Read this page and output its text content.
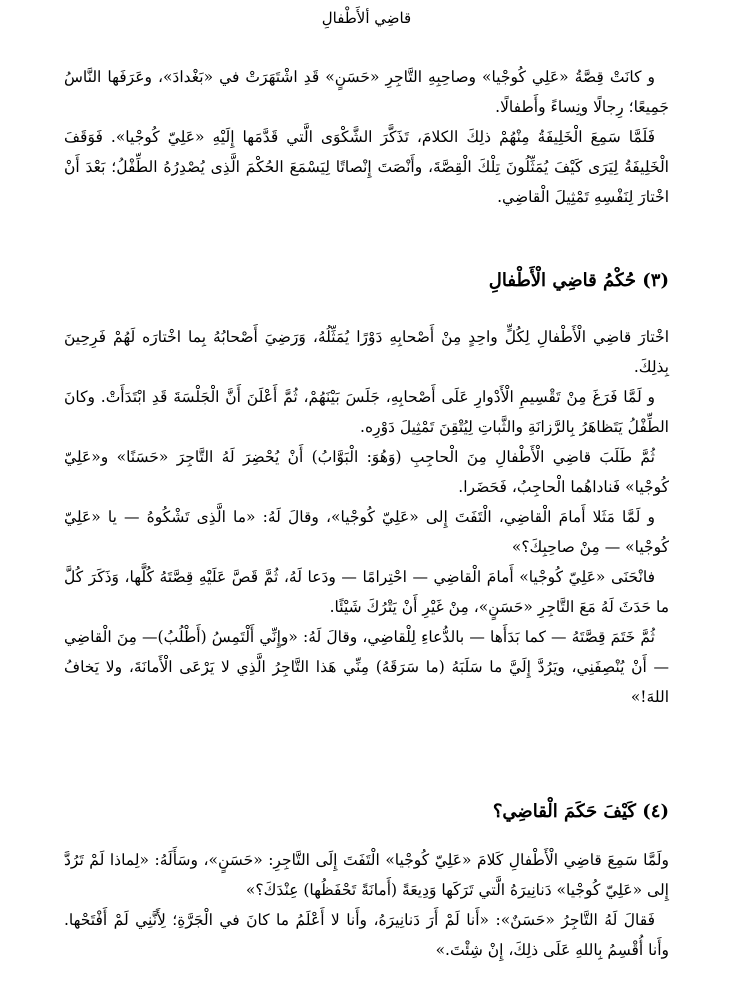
قاضِي ألأَطْفالِ

و كانَتْ قِصَّةُ «عَلِي كُوجْيا» وصاحِبِهِ التَّاجِرِ «حَسَنٍ» قَدِ اشْتَهَرَتْ في «بَغْدادَ»، وعَرَفَها النَّاسُ جَمِيعًا؛ رِجالًا ونِساءً وأَطفالًا.

فَلَمَّا سَمِعَ الْخَلِيفَةُ مِنْهُمْ ذلِكَ الكلامَ، تَذَكَّرَ الشَّكْوَى الَّتي قَدَّمَها إِلَيْهِ «عَلِيّ كُوجْيا». فَوَقَفَ الْخَلِيفَةُ لِيَرَى كَيْفَ يُمَثِّلُونَ تِلْكَ الْقِصَّةَ، وأَنْصَتَ إِنْصاتًا لِيَسْمَعَ الحُكْمَ الَّذِى يُصْدِرُهُ الطِّفْلُ؛ بَعْدَ أَنْ اخْتارَ لِنَفْسِهِ تَمْثِيلَ الْقاضِي.

(٣) حُكْمُ قاضِي الْأَطْفالِ

اخْتارَ قاضِي الْأَطْفالِ لِكُلٍّ واحِدٍ مِنْ أَصْحابِهِ دَوْرًا يُمَثِّلُهُ، وَرَضِيَ أَصْحابُهُ بِما اخْتارَه لَهُمْ فَرِحِينَ بِذلِكَ.

و لَمَّا فَرَغَ مِنْ تَقْسِيمِ الْأَدْوارِ عَلَى أَصْحابِهِ، جَلَسَ بَيْنَهُمْ، ثُمَّ أَعْلَنَ أَنَّ الْجَلْسَةَ قَدِ ابْتَدَأَتْ. وكانَ الطِّفْلُ يَتَظاهَرُ بِالرَّزانَةِ والثَّباتِ لِيُتْقِنَ تَمْثِيلَ دَوْرِه.

ثُمَّ طَلَبَ قاضِي الْأَطْفالِ مِنَ الْحاجِبِ (وَهُوَ: الْبَوَّابُ) أَنْ يُحْضِرَ لَهُ التَّاجِرَ «حَسَنًا» و«عَلِيّ كُوجْيا» فَناداهُما الْحاجِبُ، فَحَضَرا.

و لَمَّا مَثَلا أَمامَ الْقاضِي، الْتَفَتَ إِلى «عَلِيّ كُوجْيا»، وقالَ لَهُ: «ما الَّذِى تَشْكُوهُ — يا «عَلِيّ كُوجْيا» — مِنْ صاحِبِكَ؟»

فانْحَنَى «عَلِيّ كُوجْيا» أَمامَ الْقاضِي — احْتِرامًا — ودَعا لَهُ، ثُمَّ قَصَّ عَلَيْهِ قِصَّتَهُ كُلَّها، وَذَكَرَ كُلَّ ما حَدَثَ لَهُ مَعَ التَّاجِرِ «حَسَنٍ»، مِنْ غَيْرِ أَنْ يَتْرُكَ شَيْئًا.

ثُمَّ خَتَمَ قِصَّتَهُ — كما بَدَأَها — بالدُّعاءِ لِلْقاضِي، وقالَ لَهُ: «وإِنِّي أَلْتَمِسُ (أَطْلُبُ)— مِنَ الْقاضِي — أَنْ يُنْصِفَنِي، ويَرُدَّ إِلَيَّ ما سَلَبَهُ (ما سَرَقَهُ) مِنِّي هَذا التَّاجِرُ الَّذِي لا يَرْعَى الْأَمانَةَ، ولا يَخافُ اللهَ!»

(٤) كَيْفَ حَكَمَ الْقاضِي؟

ولَمَّا سَمِعَ قاضِي الْأَطْفالِ كَلامَ «عَلِيّ كُوجْيا» الْتَفَتَ إِلَى التَّاجِرِ: «حَسَنٍ»، وسَأَلَهُ: «لِماذا لَمْ تَرُدَّ إِلى «عَلِيّ كُوجْيا» دَنانِيرَهُ الَّتي تَرَكَها وَدِيعَةً (أَمانَةً تَحْفَظُها) عِنْدَكَ؟»

فَقالَ لَهُ التَّاجِرُ «حَسَنٌ»: «أَنا لَمْ أَرَ دَنانِيرَهُ، وأَنا لا أَعْلَمُ ما كانَ في الْجَرَّةِ؛ لِأَنَّنِي لَمْ أَفْتَحْها. وأَنا أُقْسِمُ بِاللهِ عَلَى ذلِكَ، إِنْ شِئْتَ.»
